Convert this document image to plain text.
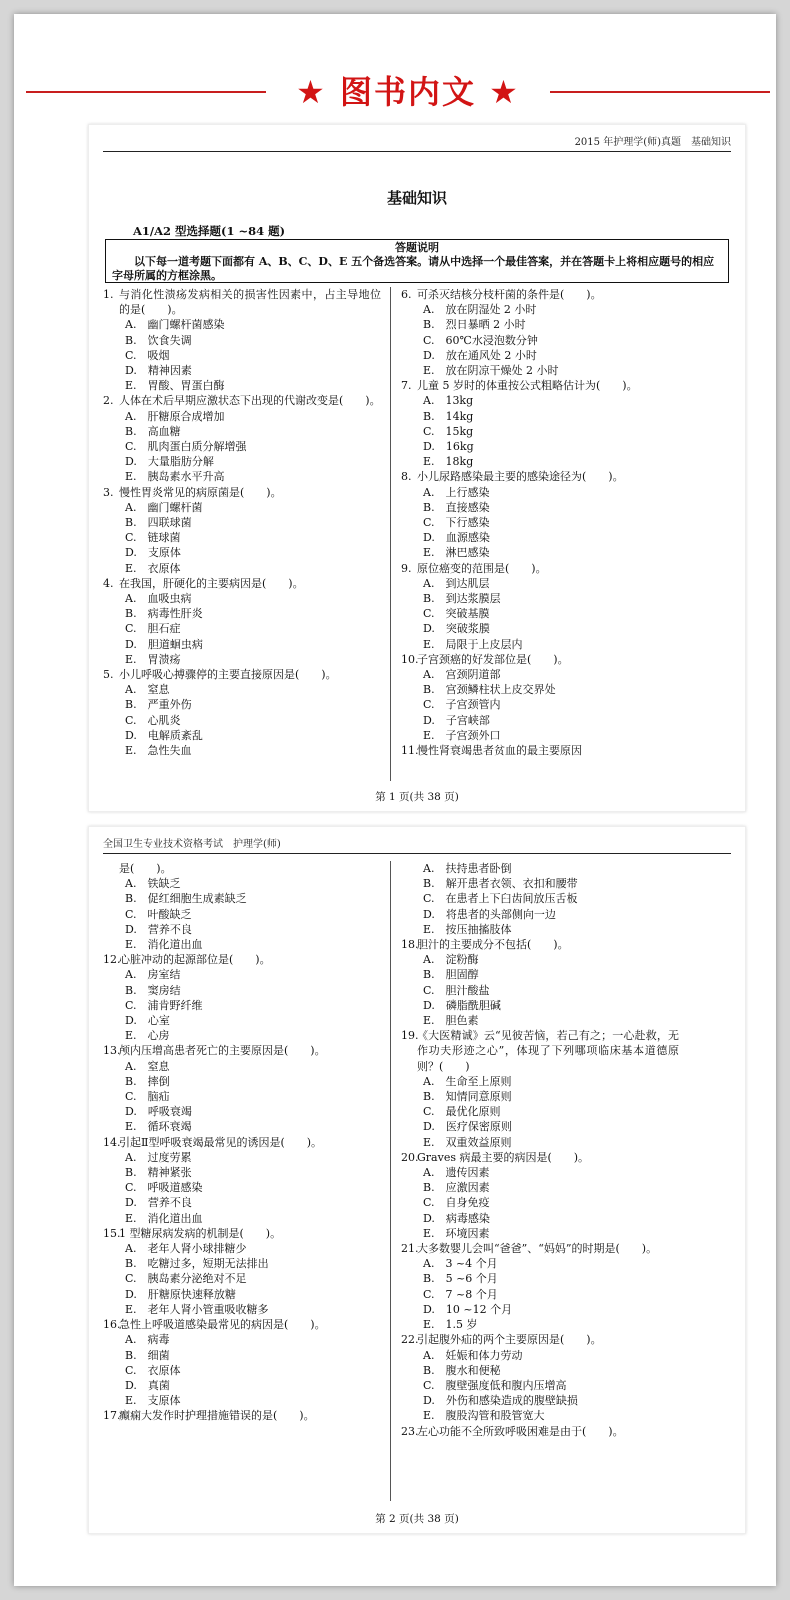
★ 图书内文 ★
2015 年护理学(师)真题　基础知识
基础知识
A1/A2 型选择题(1 ~84 题)
答题说明
以下每一道考题下面都有 A、B、C、D、E 五个备选答案。请从中选择一个最佳答案，并在答题卡上将相应题号的相应字母所属的方框涂黑。
1. 与消化性溃疡发病相关的损害性因素中，占主导地位的是(　　)。
A.　幽门螺杆菌感染
B.　饮食失调
C.　吸烟
D.　精神因素
E.　胃酸、胃蛋白酶
2. 人体在术后早期应激状态下出现的代谢改变是(　　)。
A.　肝糖原合成增加
B.　高血糖
C.　肌肉蛋白质分解增强
D.　大量脂肪分解
E.　胰岛素水平升高
3. 慢性胃炎常见的病原菌是(　　)。
A.　幽门螺杆菌
B.　四联球菌
C.　链球菌
D.　支原体
E.　衣原体
4. 在我国，肝硬化的主要病因是(　　)。
A.　血吸虫病
B.　病毒性肝炎
C.　胆石症
D.　胆道蛔虫病
E.　胃溃疡
5. 小儿呼吸心搏骤停的主要直接原因是(　　)。
A.　窒息
B.　严重外伤
C.　心肌炎
D.　电解质紊乱
E.　急性失血
6. 可杀灭结核分枝杆菌的条件是(　　)。
A.　放在阴湿处 2 小时
B.　烈日暴晒 2 小时
C.　60℃水浸泡数分钟
D.　放在通风处 2 小时
E.　放在阴凉干燥处 2 小时
7. 儿童 5 岁时的体重按公式粗略估计为(　　)。
A.　13kg
B.　14kg
C.　15kg
D.　16kg
E.　18kg
8. 小儿尿路感染最主要的感染途径为(　　)。
A.　上行感染
B.　直接感染
C.　下行感染
D.　血源感染
E.　淋巴感染
9. 原位癌变的范围是(　　)。
A.　到达肌层
B.　到达浆膜层
C.　突破基膜
D.　突破浆膜
E.　局限于上皮层内
10.
子宫颈癌的好发部位是(　　)。
A.　宫颈阴道部
B.　宫颈鳞柱状上皮交界处
C.　子宫颈管内
D.　子宫峡部
E.　子宫颈外口
11.
慢性肾衰竭患者贫血的最主要原因
第 1 页(共 38 页)
全国卫生专业技术资格考试　护理学(师)
是(　　)。
A.　铁缺乏
B.　促红细胞生成素缺乏
C.　叶酸缺乏
D.　营养不良
E.　消化道出血
12.
心脏冲动的起源部位是(　　)。
A.　房室结
B.　窦房结
C.　浦肯野纤维
D.　心室
E.　心房
13.
颅内压增高患者死亡的主要原因是(　　)。
A.　窒息
B.　摔倒
C.　脑疝
D.　呼吸衰竭
E.　循环衰竭
14.
引起Ⅱ型呼吸衰竭最常见的诱因是(　　)。
A.　过度劳累
B.　精神紧张
C.　呼吸道感染
D.　营养不良
E.　消化道出血
15.
1 型糖尿病发病的机制是(　　)。
A.　老年人肾小球排糖少
B.　吃糖过多，短期无法排出
C.　胰岛素分泌绝对不足
D.　肝糖原快速释放糖
E.　老年人肾小管重吸收糖多
16.
急性上呼吸道感染最常见的病因是(　　)。
A.　病毒
B.　细菌
C.　衣原体
D.　真菌
E.　支原体
17.
癫痫大发作时护理措施错误的是(　　)。
A.　扶持患者卧倒
B.　解开患者衣领、衣扣和腰带
C.　在患者上下臼齿间放压舌板
D.　将患者的头部侧向一边
E.　按压抽搐肢体
18.
胆汁的主要成分不包括(　　)。
A.　淀粉酶
B.　胆固醇
C.　胆汁酸盐
D.　磷脂酰胆碱
E.　胆色素
19.
《大医精诚》云“见彼苦恼，若己有之；一心赴救，无作功夫形迹之心”，体现了下列哪项临床基本道德原则？(　　)
A.　生命至上原则
B.　知情同意原则
C.　最优化原则
D.　医疗保密原则
E.　双重效益原则
20.
Graves 病最主要的病因是(　　)。
A.　遗传因素
B.　应激因素
C.　自身免疫
D.　病毒感染
E.　环境因素
21.
大多数婴儿会叫“爸爸”、“妈妈”的时期是(　　)。
A.　3 ~4 个月
B.　5 ~6 个月
C.　7 ~8 个月
D.　10 ~12 个月
E.　1.5 岁
22.
引起腹外疝的两个主要原因是(　　)。
A.　妊娠和体力劳动
B.　腹水和便秘
C.　腹壁强度低和腹内压增高
D.　外伤和感染造成的腹壁缺损
E.　腹股沟管和股管宽大
23.
左心功能不全所致呼吸困难是由于(　　)。
第 2 页(共 38 页)
